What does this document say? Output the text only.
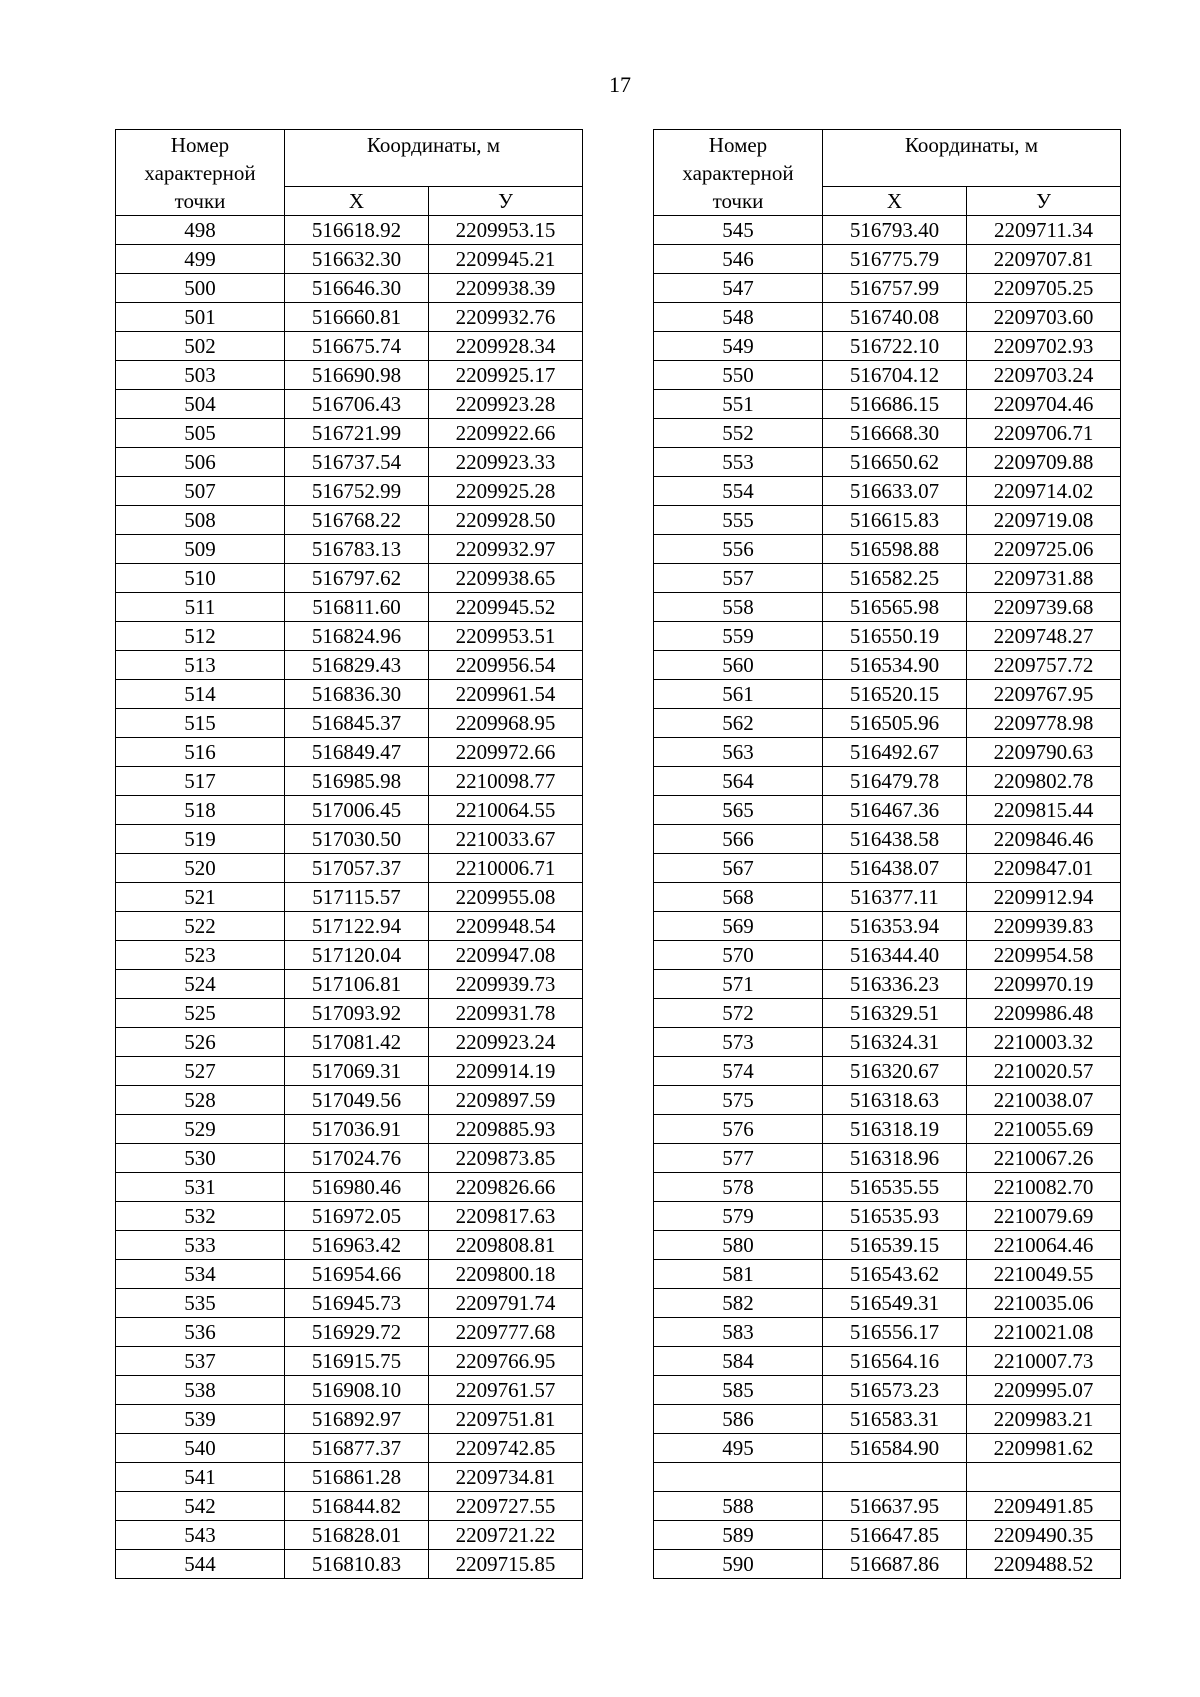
17
Номер
характерной
точки	Координаты, м	
	Х	У
498	516618.92	2209953.15
499	516632.30	2209945.21
500	516646.30	2209938.39
501	516660.81	2209932.76
502	516675.74	2209928.34
503	516690.98	2209925.17
504	516706.43	2209923.28
505	516721.99	2209922.66
506	516737.54	2209923.33
507	516752.99	2209925.28
508	516768.22	2209928.50
509	516783.13	2209932.97
510	516797.62	2209938.65
511	516811.60	2209945.52
512	516824.96	2209953.51
513	516829.43	2209956.54
514	516836.30	2209961.54
515	516845.37	2209968.95
516	516849.47	2209972.66
517	516985.98	2210098.77
518	517006.45	2210064.55
519	517030.50	2210033.67
520	517057.37	2210006.71
521	517115.57	2209955.08
522	517122.94	2209948.54
523	517120.04	2209947.08
524	517106.81	2209939.73
525	517093.92	2209931.78
526	517081.42	2209923.24
527	517069.31	2209914.19
528	517049.56	2209897.59
529	517036.91	2209885.93
530	517024.76	2209873.85
531	516980.46	2209826.66
532	516972.05	2209817.63
533	516963.42	2209808.81
534	516954.66	2209800.18
535	516945.73	2209791.74
536	516929.72	2209777.68
537	516915.75	2209766.95
538	516908.10	2209761.57
539	516892.97	2209751.81
540	516877.37	2209742.85
541	516861.28	2209734.81
542	516844.82	2209727.55
543	516828.01	2209721.22
544	516810.83	2209715.85
Номер
характерной
точки	Координаты, м	
	Х	У
545	516793.40	2209711.34
546	516775.79	2209707.81
547	516757.99	2209705.25
548	516740.08	2209703.60
549	516722.10	2209702.93
550	516704.12	2209703.24
551	516686.15	2209704.46
552	516668.30	2209706.71
553	516650.62	2209709.88
554	516633.07	2209714.02
555	516615.83	2209719.08
556	516598.88	2209725.06
557	516582.25	2209731.88
558	516565.98	2209739.68
559	516550.19	2209748.27
560	516534.90	2209757.72
561	516520.15	2209767.95
562	516505.96	2209778.98
563	516492.67	2209790.63
564	516479.78	2209802.78
565	516467.36	2209815.44
566	516438.58	2209846.46
567	516438.07	2209847.01
568	516377.11	2209912.94
569	516353.94	2209939.83
570	516344.40	2209954.58
571	516336.23	2209970.19
572	516329.51	2209986.48
573	516324.31	2210003.32
574	516320.67	2210020.57
575	516318.63	2210038.07
576	516318.19	2210055.69
577	516318.96	2210067.26
578	516535.55	2210082.70
579	516535.93	2210079.69
580	516539.15	2210064.46
581	516543.62	2210049.55
582	516549.31	2210035.06
583	516556.17	2210021.08
584	516564.16	2210007.73
585	516573.23	2209995.07
586	516583.31	2209983.21
495	516584.90	2209981.62

588	516637.95	2209491.85
589	516647.85	2209490.35
590	516687.86	2209488.52
